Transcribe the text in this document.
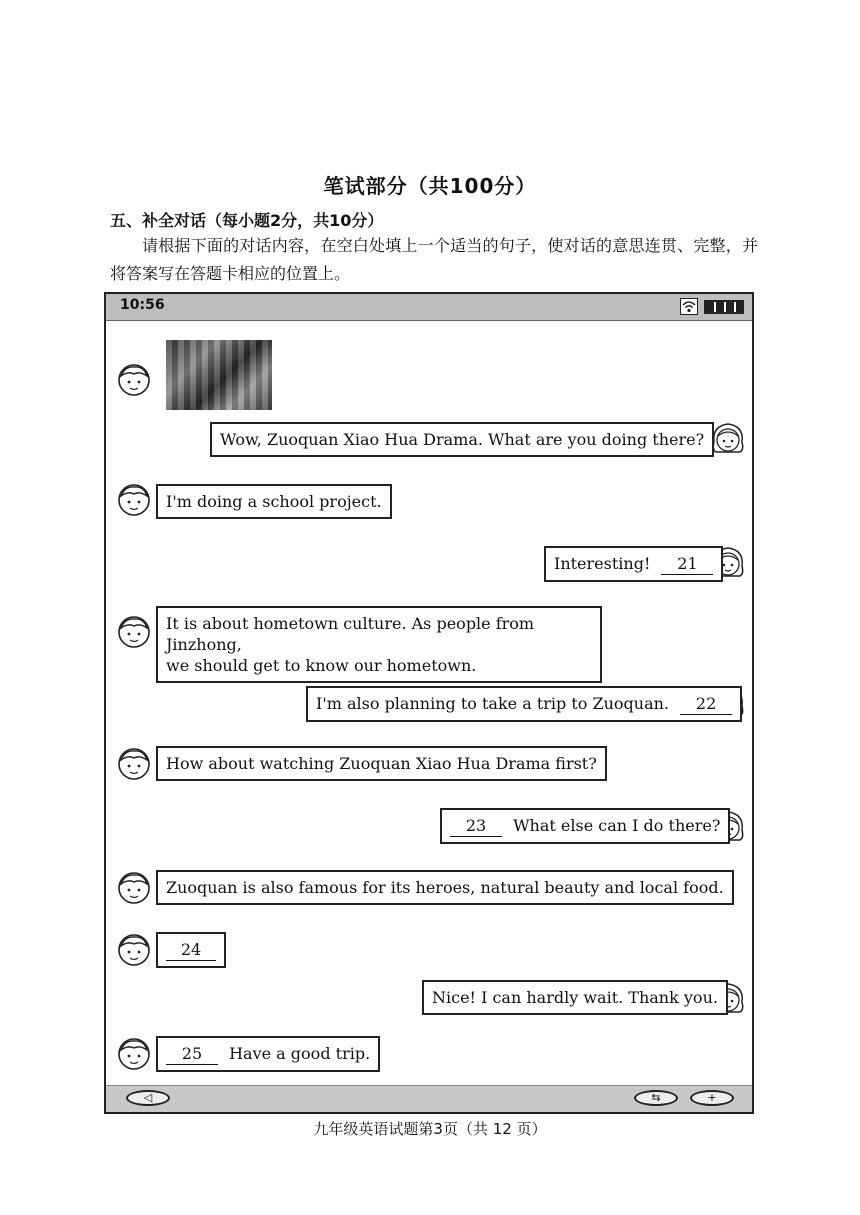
笔试部分（共100分）
五、补全对话（每小题2分，共10分）
请根据下面的对话内容，在空白处填上一个适当的句子，使对话的意思连贯、完整，并将答案写在答题卡相应的位置上。
10:56
Wow, Zuoquan Xiao Hua Drama. What are you doing there?
I'm doing a school project.
Interesting! 21
It is about hometown culture. As people from Jinzhong,
we should get to know our hometown.
I'm also planning to take a trip to Zuoquan. 22
How about watching Zuoquan Xiao Hua Drama first?
23 What else can I do there?
Zuoquan is also famous for its heroes, natural beauty and local food.
24
Nice! I can hardly wait. Thank you.
25 Have a good trip.
◁	⇆	+
九年级英语试题第3页（共 12 页）
